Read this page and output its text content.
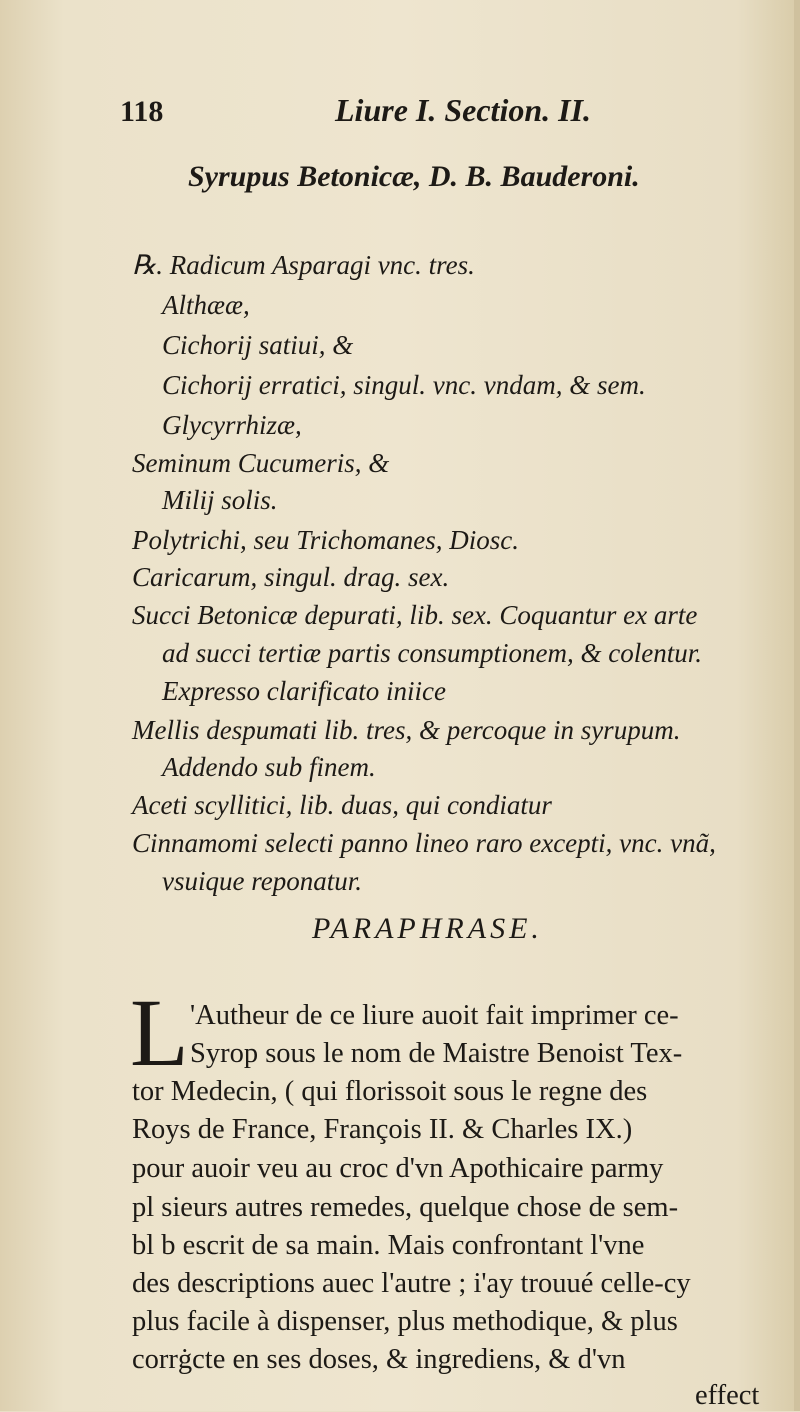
118	Liure I. Section. II.
Syrupus Betonicæ, D. B. Bauderoni.
℞. Radicum Asparagi vnc. tres.
Althææ,
Cichorij satiui, &
Cichorij erratici, singul. vnc. vndam, & sem.
Glycyrrhizæ,
Seminum Cucumeris, &
Milij solis.
Polytrichi, seu Trichomanes, Diosc.
Caricarum, singul. drag. sex.
Succi Betonicæ depurati, lib. sex. Coquantur ex arte
ad succi tertiæ partis consumptionem, & colentur.
Expresso clarificato iniice
Mellis despumati lib. tres, & percoque in syrupum.
Addendo sub finem.
Aceti scyllitici, lib. duas, qui condiatur
Cinnamomi selecti panno lineo raro excepti, vnc. vnã,
vsuique reponatur.
PARAPHRASE.
L 'Autheur de ce liure auoit fait imprimer ce-
Syrop sous le nom de Maistre Benoist Tex-
tor Medecin, ( qui florissoit sous le regne des
Roys de France, François II. & Charles IX.)
pour auoir veu au croc d'vn Apothicaire parmy
pl sieurs autres remedes, quelque chose de sem-
bl b escrit de sa main. Mais confrontant l'vne
des descriptions auec l'autre ; i'ay trouué celle-cy
plus facile à dispenser, plus methodique, & plus
corrġcte en ses doses, & ingrediens, & d'vn
effect
